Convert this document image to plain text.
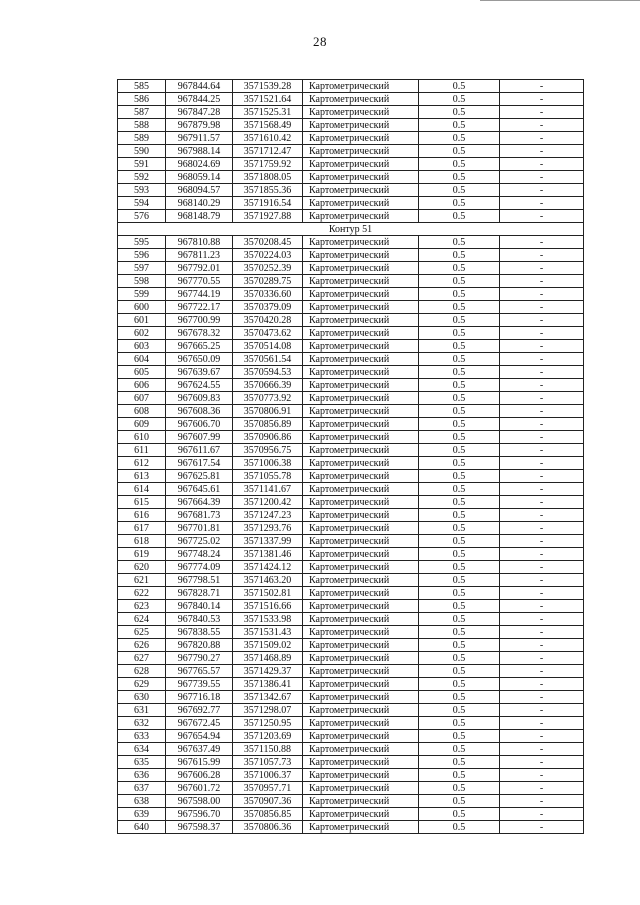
28
585	967844.64	3571539.28	Картометрический	0.5	-
586	967844.25	3571521.64	Картометрический	0.5	-
587	967847.28	3571525.31	Картометрический	0.5	-
588	967879.98	3571568.49	Картометрический	0.5	-
589	967911.57	3571610.42	Картометрический	0.5	-
590	967988.14	3571712.47	Картометрический	0.5	-
591	968024.69	3571759.92	Картометрический	0.5	-
592	968059.14	3571808.05	Картометрический	0.5	-
593	968094.57	3571855.36	Картометрический	0.5	-
594	968140.29	3571916.54	Картометрический	0.5	-
576	968148.79	3571927.88	Картометрический	0.5	-
Контур 51					
595	967810.88	3570208.45	Картометрический	0.5	-
596	967811.23	3570224.03	Картометрический	0.5	-
597	967792.01	3570252.39	Картометрический	0.5	-
598	967770.55	3570289.75	Картометрический	0.5	-
599	967744.19	3570336.60	Картометрический	0.5	-
600	967722.17	3570379.09	Картометрический	0.5	-
601	967700.99	3570420.28	Картометрический	0.5	-
602	967678.32	3570473.62	Картометрический	0.5	-
603	967665.25	3570514.08	Картометрический	0.5	-
604	967650.09	3570561.54	Картометрический	0.5	-
605	967639.67	3570594.53	Картометрический	0.5	-
606	967624.55	3570666.39	Картометрический	0.5	-
607	967609.83	3570773.92	Картометрический	0.5	-
608	967608.36	3570806.91	Картометрический	0.5	-
609	967606.70	3570856.89	Картометрический	0.5	-
610	967607.99	3570906.86	Картометрический	0.5	-
611	967611.67	3570956.75	Картометрический	0.5	-
612	967617.54	3571006.38	Картометрический	0.5	-
613	967625.81	3571055.78	Картометрический	0.5	-
614	967645.61	3571141.67	Картометрический	0.5	-
615	967664.39	3571200.42	Картометрический	0.5	-
616	967681.73	3571247.23	Картометрический	0.5	-
617	967701.81	3571293.76	Картометрический	0.5	-
618	967725.02	3571337.99	Картометрический	0.5	-
619	967748.24	3571381.46	Картометрический	0.5	-
620	967774.09	3571424.12	Картометрический	0.5	-
621	967798.51	3571463.20	Картометрический	0.5	-
622	967828.71	3571502.81	Картометрический	0.5	-
623	967840.14	3571516.66	Картометрический	0.5	-
624	967840.53	3571533.98	Картометрический	0.5	-
625	967838.55	3571531.43	Картометрический	0.5	-
626	967820.88	3571509.02	Картометрический	0.5	-
627	967790.27	3571468.89	Картометрический	0.5	-
628	967765.57	3571429.37	Картометрический	0.5	-
629	967739.55	3571386.41	Картометрический	0.5	-
630	967716.18	3571342.67	Картометрический	0.5	-
631	967692.77	3571298.07	Картометрический	0.5	-
632	967672.45	3571250.95	Картометрический	0.5	-
633	967654.94	3571203.69	Картометрический	0.5	-
634	967637.49	3571150.88	Картометрический	0.5	-
635	967615.99	3571057.73	Картометрический	0.5	-
636	967606.28	3571006.37	Картометрический	0.5	-
637	967601.72	3570957.71	Картометрический	0.5	-
638	967598.00	3570907.36	Картометрический	0.5	-
639	967596.70	3570856.85	Картометрический	0.5	-
640	967598.37	3570806.36	Картометрический	0.5	-
